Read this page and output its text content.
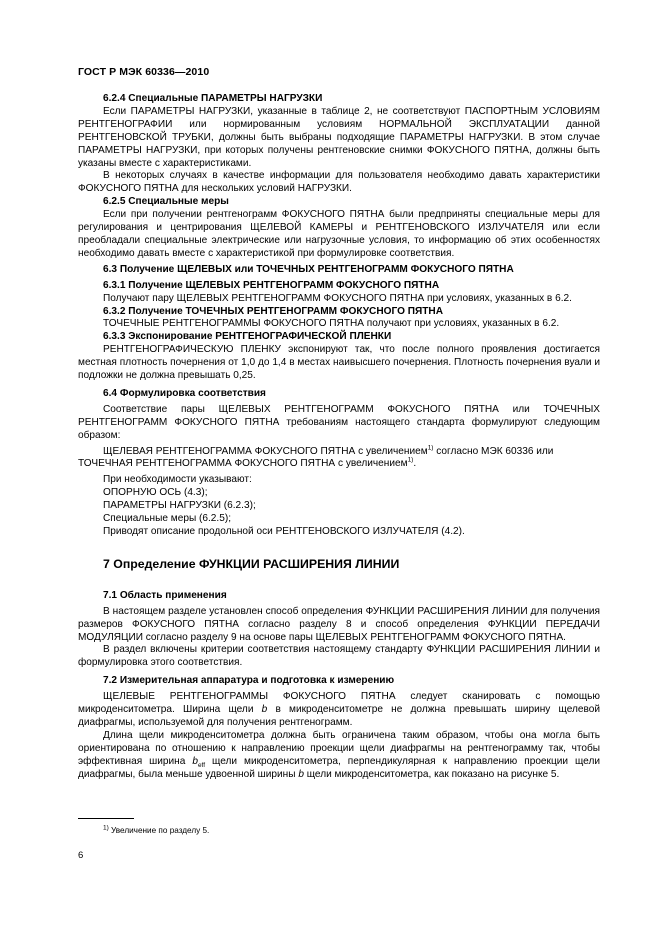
ГОСТ Р МЭК 60336—2010

6.2.4 Специальные ПАРАМЕТРЫ НАГРУЗКИ

Если ПАРАМЕТРЫ НАГРУЗКИ, указанные в таблице 2, не соответствуют ПАСПОРТНЫМ УСЛОВИЯМ РЕНТГЕНОГРАФИИ или нормированным условиям НОРМАЛЬНОЙ ЭКСПЛУАТАЦИИ данной РЕНТГЕНОВСКОЙ ТРУБКИ, должны быть выбраны подходящие ПАРАМЕТРЫ НАГРУЗКИ. В этом случае ПАРАМЕТРЫ НАГРУЗКИ, при которых получены рентгеновские снимки ФОКУСНОГО ПЯТНА, должны быть указаны вместе с характеристиками.

В некоторых случаях в качестве информации для пользователя необходимо давать характеристики ФОКУСНОГО ПЯТНА для нескольких условий НАГРУЗКИ.

6.2.5 Специальные меры

Если при получении рентгенограмм ФОКУСНОГО ПЯТНА были предприняты специальные меры для регулирования и центрирования ЩЕЛЕВОЙ КАМЕРЫ и РЕНТГЕНОВСКОГО ИЗЛУЧАТЕЛЯ или если преобладали специальные электрические или нагрузочные условия, то информацию об этих особенностях необходимо давать вместе с характеристикой при формулировке соответствия.

6.3 Получение ЩЕЛЕВЫХ или ТОЧЕЧНЫХ РЕНТГЕНОГРАММ ФОКУСНОГО ПЯТНА

6.3.1 Получение ЩЕЛЕВЫХ РЕНТГЕНОГРАММ ФОКУСНОГО ПЯТНА

Получают пару ЩЕЛЕВЫХ РЕНТГЕНОГРАММ ФОКУСНОГО ПЯТНА при условиях, указанных в 6.2.

6.3.2 Получение ТОЧЕЧНЫХ РЕНТГЕНОГРАММ ФОКУСНОГО ПЯТНА

ТОЧЕЧНЫЕ РЕНТГЕНОГРАММЫ ФОКУСНОГО ПЯТНА получают при условиях, указанных в 6.2.

6.3.3 Экспонирование РЕНТГЕНОГРАФИЧЕСКОЙ ПЛЕНКИ

РЕНТГЕНОГРАФИЧЕСКУЮ ПЛЕНКУ экспонируют так, что после полного проявления достигается местная плотность почернения от 1,0 до 1,4 в местах наивысшего почернения. Плотность почернения вуали и подложки не должна превышать 0,25.

6.4 Формулировка соответствия

Соответствие пары ЩЕЛЕВЫХ РЕНТГЕНОГРАММ ФОКУСНОГО ПЯТНА или ТОЧЕЧНЫХ РЕНТГЕНОГРАММ ФОКУСНОГО ПЯТНА требованиям настоящего стандарта формулируют следующим образом:

ЩЕЛЕВАЯ РЕНТГЕНОГРАММА ФОКУСНОГО ПЯТНА с увеличением$^{1)}$ согласно МЭК 60336 или

ТОЧЕЧНАЯ РЕНТГЕНОГРАММА ФОКУСНОГО ПЯТНА с увеличением$^{1)}$.

При необходимости указывают:

ОПОРНУЮ ОСЬ (4.3);

ПАРАМЕТРЫ НАГРУЗКИ (6.2.3);

Специальные меры (6.2.5);

Приводят описание продольной оси РЕНТГЕНОВСКОГО ИЗЛУЧАТЕЛЯ (4.2).

7 Определение ФУНКЦИИ РАСШИРЕНИЯ ЛИНИИ

7.1 Область применения

В настоящем разделе установлен способ определения ФУНКЦИИ РАСШИРЕНИЯ ЛИНИИ для получения размеров ФОКУСНОГО ПЯТНА согласно разделу 8 и способ определения ФУНКЦИИ ПЕРЕДАЧИ МОДУЛЯЦИИ согласно разделу 9 на основе пары ЩЕЛЕВЫХ РЕНТГЕНОГРАММ ФОКУСНОГО ПЯТНА.

В раздел включены критерии соответствия настоящему стандарту ФУНКЦИИ РАСШИРЕНИЯ ЛИНИИ и формулировка этого соответствия.

7.2 Измерительная аппаратура и подготовка к измерению

ЩЕЛЕВЫЕ РЕНТГЕНОГРАММЫ ФОКУСНОГО ПЯТНА следует сканировать с помощью микроденситометра. Ширина щели b в микроденситометре не должна превышать ширину щелевой диафрагмы, используемой для получения рентгенограмм.

Длина щели микроденситометра должна быть ограничена таким образом, чтобы она могла быть ориентирована по отношению к направлению проекции щели диафрагмы на рентгенограмму так, чтобы эффективная ширина $b_{eff}$ щели микроденситометра, перпендикулярная к направлению проекции щели диафрагмы, была меньше удвоенной ширины b щели микроденситометра, как показано на рисунке 5.

$^{1)}$ Увеличение по разделу 5.
6
